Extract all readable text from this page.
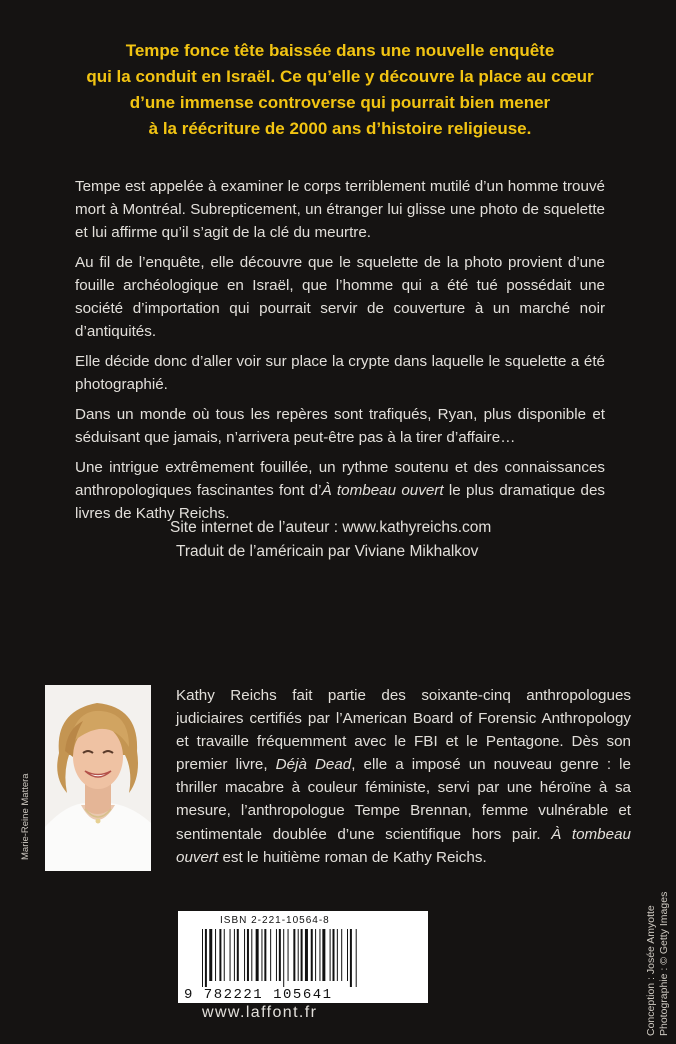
Tempe fonce tête baissée dans une nouvelle enquête
qui la conduit en Israël. Ce qu’elle y découvre la place au cœur
d’une immense controverse qui pourrait bien mener
à la réécriture de 2000 ans d’histoire religieuse.

Tempe est appelée à examiner le corps terriblement mutilé d’un homme trouvé mort à Montréal. Subrepticement, un étranger lui glisse une photo de squelette et lui affirme qu’il s’agit de la clé du meurtre.

Au fil de l’enquête, elle découvre que le squelette de la photo provient d’une fouille archéologique en Israël, que l’homme qui a été tué possédait une société d’importation qui pourrait servir de couverture à un marché noir d’antiquités.

Elle décide donc d’aller voir sur place la crypte dans laquelle le squelette a été photographié.

Dans un monde où tous les repères sont trafiqués, Ryan, plus disponible et séduisant que jamais, n’arrivera peut-être pas à la tirer d’affaire…

Une intrigue extrêmement fouillée, un rythme soutenu et des connaissances anthropologiques fascinantes font d’À tombeau ouvert le plus dramatique des livres de Kathy Reichs.

Site internet de l’auteur : www.kathyreichs.com
Traduit de l’américain par Viviane Mikhalkov
Marie-Reine Mattera

Kathy Reichs fait partie des soixante-cinq anthropologues judiciaires certifiés par l’American Board of Forensic Anthropology et travaille fréquemment avec le FBI et le Pentagone. Dès son premier livre, Déjà Dead, elle a imposé un nouveau genre : le thriller macabre à couleur féministe, servi par une héroïne à sa mesure, l’anthropologue Tempe Brennan, femme vulnérable et sentimentale doublée d’une scientifique hors pair. À tombeau ouvert est le huitième roman de Kathy Reichs.

ISBN 2-221-10564-8
9 782221 105641
www.laffont.fr	Conception : Josée Amyotte Photographie : © Getty Images
